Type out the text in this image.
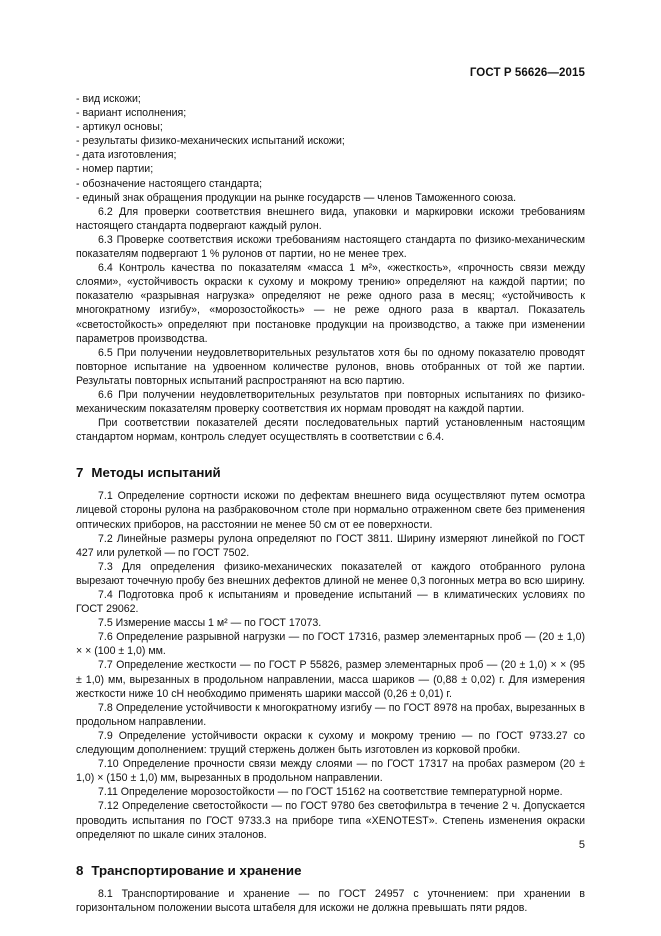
ГОСТ Р 56626—2015
- вид искожи;
- вариант исполнения;
- артикул основы;
- результаты физико-механических испытаний искожи;
- дата изготовления;
- номер партии;
- обозначение настоящего стандарта;
- единый знак обращения продукции на рынке государств — членов Таможенного союза.

6.2 Для проверки соответствия внешнего вида, упаковки и маркировки искожи требованиям настоящего стандарта подвергают каждый рулон.

6.3 Проверке соответствия искожи требованиям настоящего стандарта по физико-механическим показателям подвергают 1 % рулонов от партии, но не менее трех.

6.4 Контроль качества по показателям «масса 1 м²», «жесткость», «прочность связи между слоями», «устойчивость окраски к сухому и мокрому трению» определяют на каждой партии; по показателю «разрывная нагрузка» определяют не реже одного раза в месяц; «устойчивость к многократному изгибу», «морозостойкость» — не реже одного раза в квартал. Показатель «светостойкость» определяют при постановке продукции на производство, а также при изменении параметров производства.

6.5 При получении неудовлетворительных результатов хотя бы по одному показателю проводят повторное испытание на удвоенном количестве рулонов, вновь отобранных от той же партии. Результаты повторных испытаний распространяют на всю партию.

6.6 При получении неудовлетворительных результатов при повторных испытаниях по физико-механическим показателям проверку соответствия их нормам проводят на каждой партии.

При соответствии показателей десяти последовательных партий установленным настоящим стандартом нормам, контроль следует осуществлять в соответствии с 6.4.

7 Методы испытаний

7.1 Определение сортности искожи по дефектам внешнего вида осуществляют путем осмотра лицевой стороны рулона на разбраковочном столе при нормально отраженном свете без применения оптических приборов, на расстоянии не менее 50 см от ее поверхности.

7.2 Линейные размеры рулона определяют по ГОСТ 3811. Ширину измеряют линейкой по ГОСТ 427 или рулеткой — по ГОСТ 7502.

7.3 Для определения физико-механических показателей от каждого отобранного рулона вырезают точечную пробу без внешних дефектов длиной не менее 0,3 погонных метра во всю ширину.

7.4 Подготовка проб к испытаниям и проведение испытаний — в климатических условиях по ГОСТ 29062.

7.5 Измерение массы 1 м² — по ГОСТ 17073.

7.6 Определение разрывной нагрузки — по ГОСТ 17316, размер элементарных проб — (20 ± 1,0) × × (100 ± 1,0) мм.

7.7 Определение жесткости — по ГОСТ Р 55826, размер элементарных проб — (20 ± 1,0) × × (95 ± 1,0) мм, вырезанных в продольном направлении, масса шариков — (0,88 ± 0,02) г. Для измерения жесткости ниже 10 сН необходимо применять шарики массой (0,26 ± 0,01) г.

7.8 Определение устойчивости к многократному изгибу — по ГОСТ 8978 на пробах, вырезанных в продольном направлении.

7.9 Определение устойчивости окраски к сухому и мокрому трению — по ГОСТ 9733.27 со следующим дополнением: трущий стержень должен быть изготовлен из корковой пробки.

7.10 Определение прочности связи между слоями — по ГОСТ 17317 на пробах размером (20 ± 1,0) × (150 ± 1,0) мм, вырезанных в продольном направлении.

7.11 Определение морозостойкости — по ГОСТ 15162 на соответствие температурной норме.

7.12 Определение светостойкости — по ГОСТ 9780 без светофильтра в течение 2 ч. Допускается проводить испытания по ГОСТ 9733.3 на приборе типа «XENOTEST». Степень изменения окраски определяют по шкале синих эталонов.

8 Транспортирование и хранение

8.1 Транспортирование и хранение — по ГОСТ 24957 с уточнением: при хранении в горизонтальном положении высота штабеля для искожи не должна превышать пяти рядов.

5
